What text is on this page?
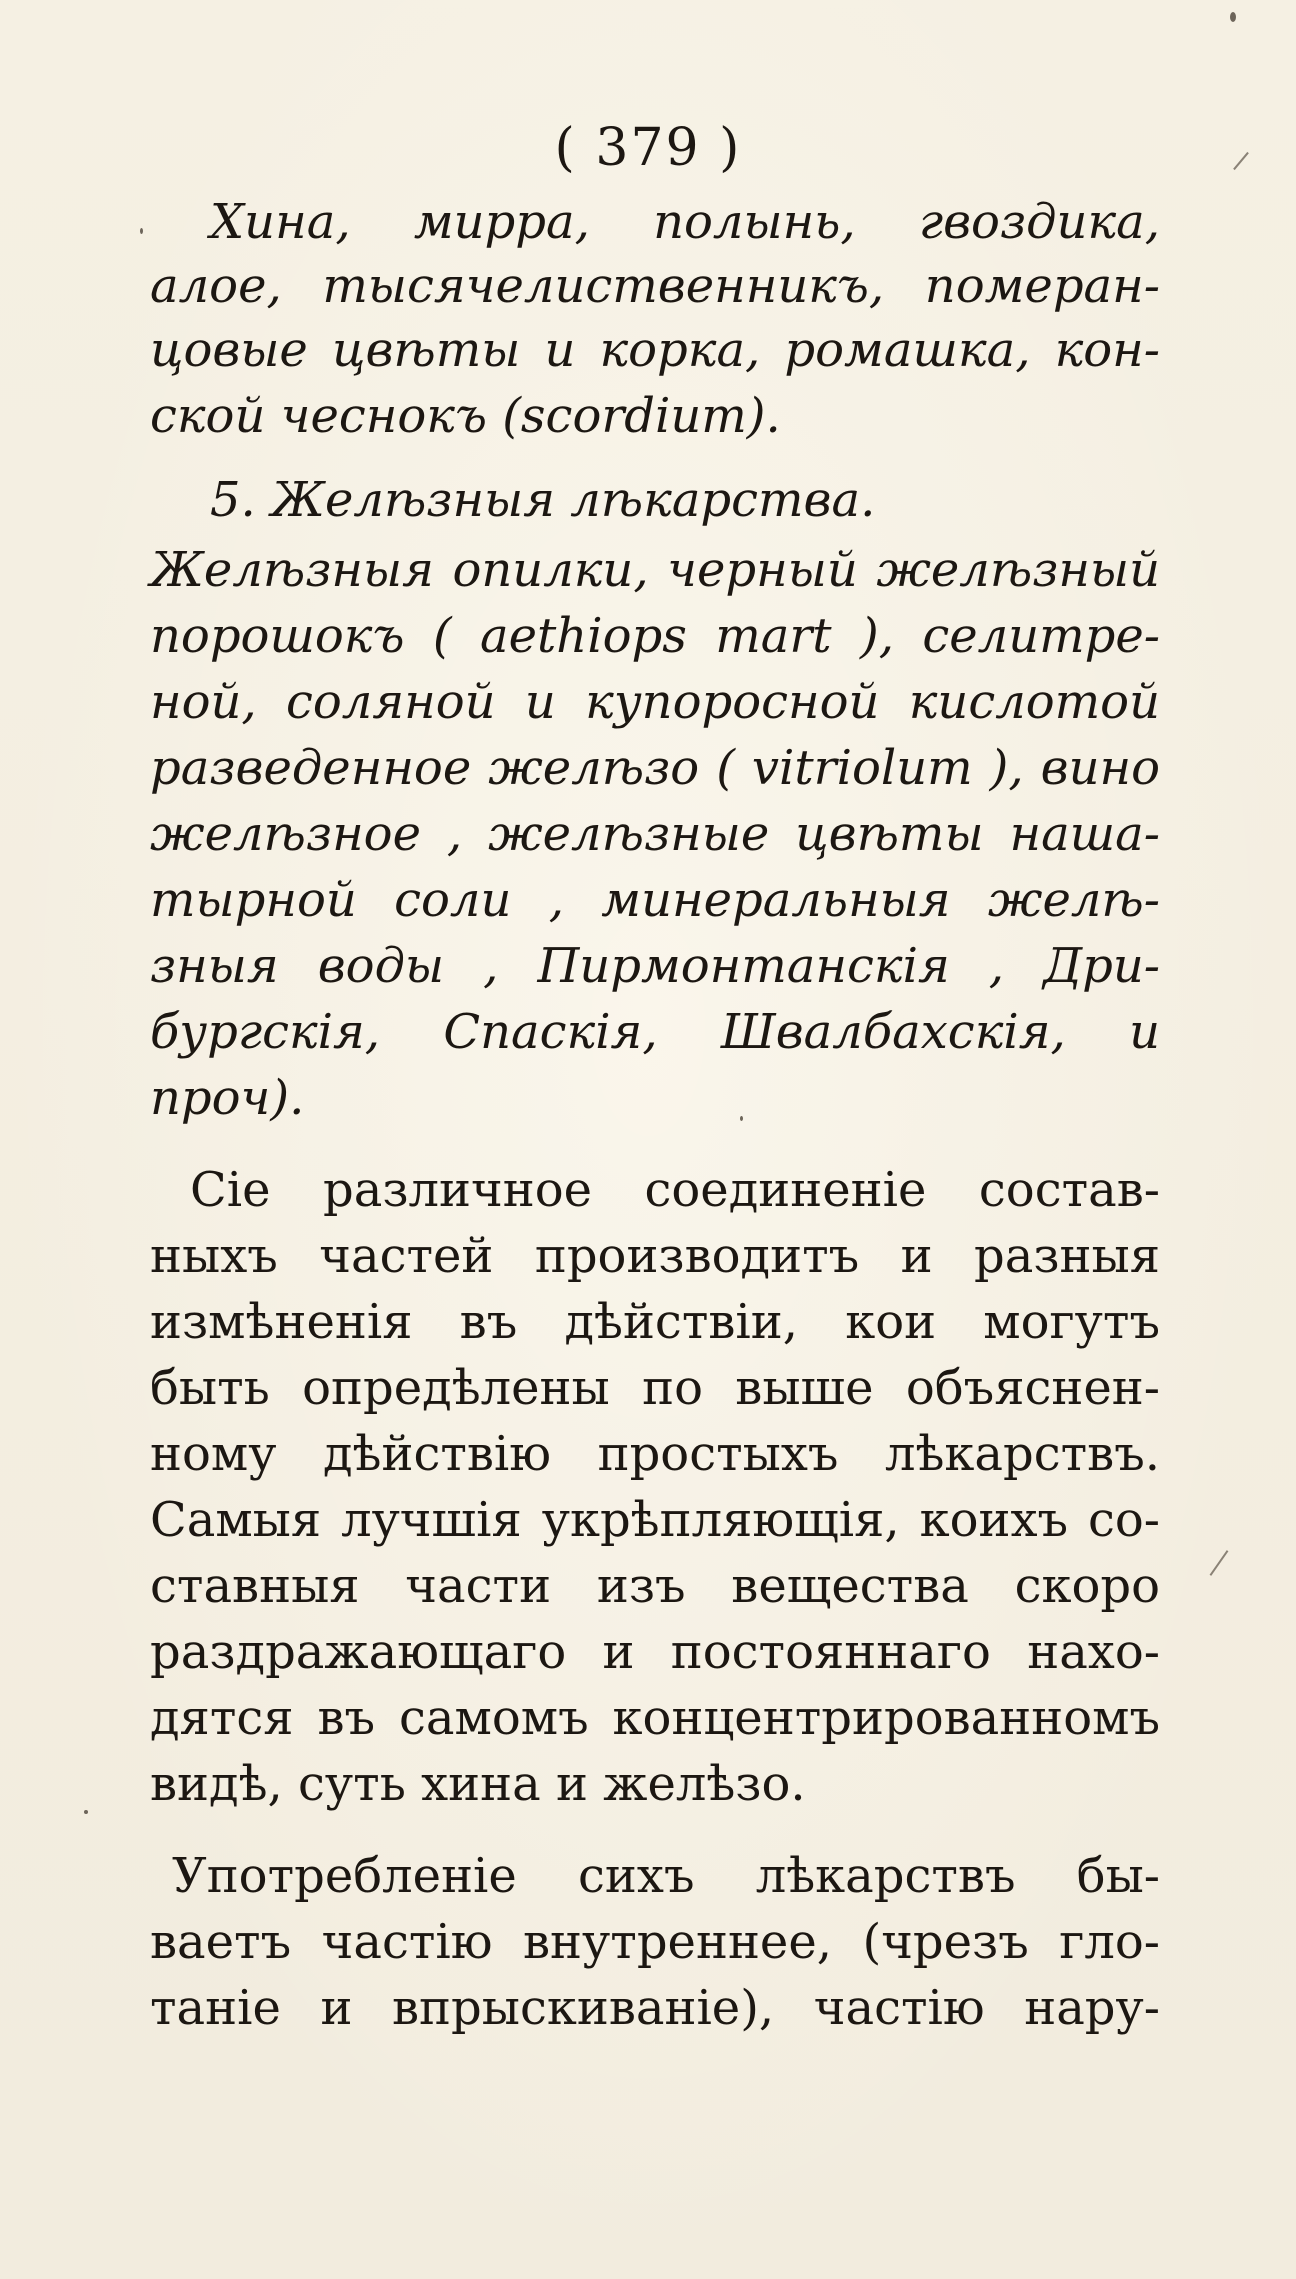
( 379 )
Хина, мирра, полынь, гвоздика,
алое, тысячелиственникъ, померан-
цовые цвѣты и корка, ромашка, кон-
ской чеснокъ (scordium).
5. Желѣзныя лѣкарства.
Желѣзныя опилки, черный желѣзный
порошокъ ( aethiops mart ), селитре-
ной, соляной и купоросной кислотой
разведенное желѣзо ( vitriolum ), вино
желѣзное , желѣзные цвѣты наша-
тырной соли , минеральныя желѣ-
зныя воды , Пирмонтанскія , Дри-
бургскія, Спаскія, Швалбахскія, и
проч).
Сіе различное соединенiе состав-
ныхъ частей производитъ и разныя
измѣненія въ дѣйствіи, кои могутъ
быть опредѣлены по выше объяснен-
ному дѣйствію простыхъ лѣкарствъ.
Самыя лучшія укрѣпляющія, коихъ со-
ставныя части изъ вещества скоро
раздражающаго и постояннаго нахо-
дятся въ самомъ концентрированномъ
видѣ, суть хина и желѣзо.
Употребленіе сихъ лѣкарствъ бы-
ваетъ частію внутреннее, (чрезъ гло-
таніе и впрыскиваніе), частію нару-
